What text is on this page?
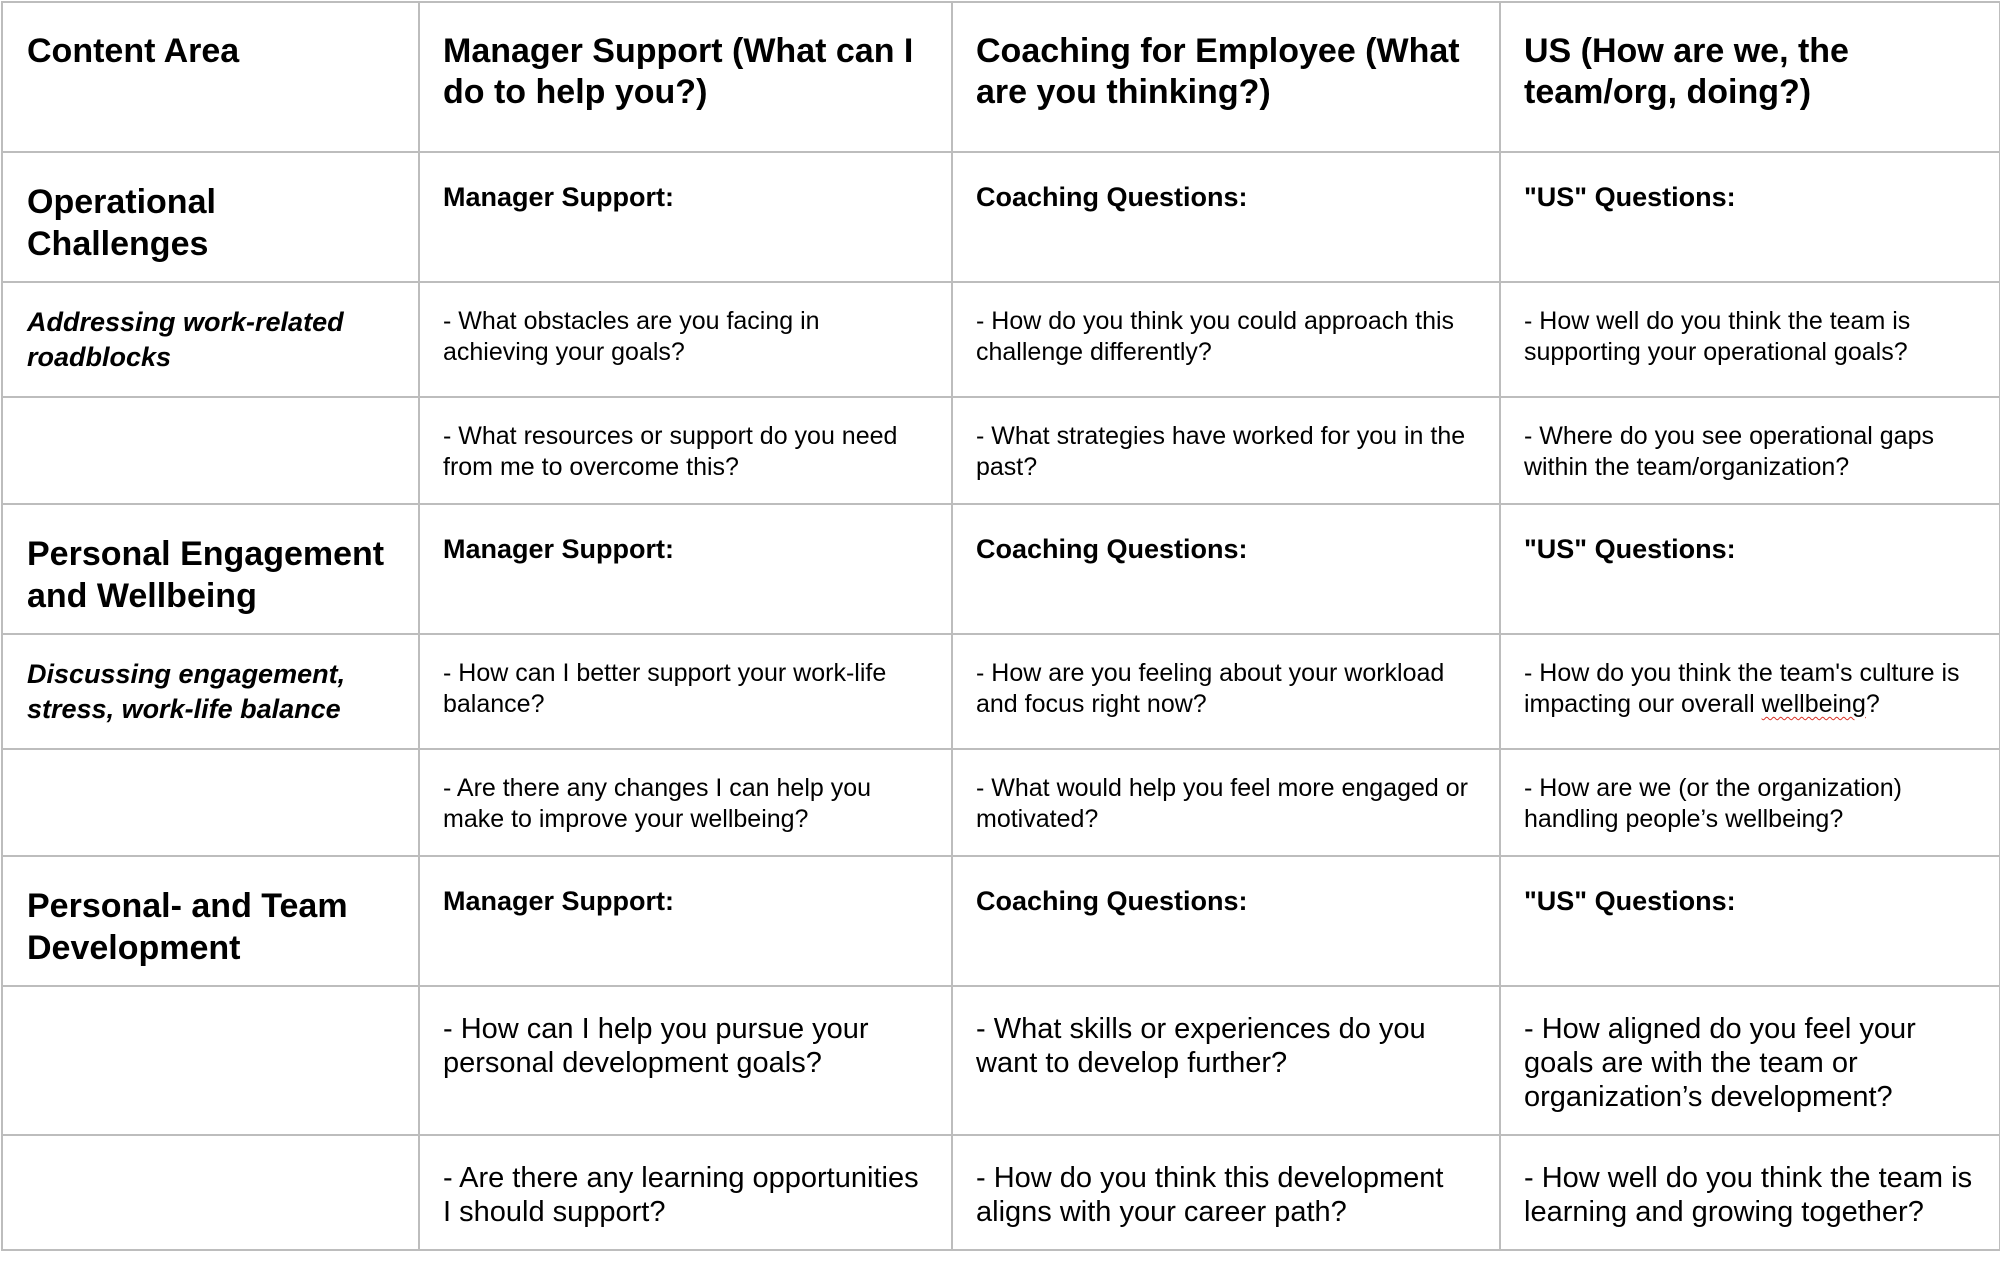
Content Area	Manager Support (What can I do to help you?)	Coaching for Employee (What are you thinking?)	US (How are we, the team/org, doing?)

Operational Challenges	Manager Support:	Coaching Questions:	"US" Questions:

Addressing work-related roadblocks	- What obstacles are you facing in achieving your goals?	- How do you think you could approach this challenge differently?	- How well do you think the team is supporting your operational goals?

	- What resources or support do you need from me to overcome this?	- What strategies have worked for you in the past?	- Where do you see operational gaps within the team/organization?

Personal Engagement and Wellbeing	Manager Support:	Coaching Questions:	"US" Questions:

Discussing engagement, stress, work-life balance	- How can I better support your work-life balance?	- How are you feeling about your workload and focus right now?	- How do you think the team's culture is impacting our overall wellbeing?

	- Are there any changes I can help you make to improve your wellbeing?	- What would help you feel more engaged or motivated?	- How are we (or the organization) handling people’s wellbeing?

Personal- and Team Development	Manager Support:	Coaching Questions:	"US" Questions:

	- How can I help you pursue your personal development goals?	- What skills or experiences do you want to develop further?	- How aligned do you feel your goals are with the team or organization’s development?

	- Are there any learning opportunities I should support?	- How do you think this development aligns with your career path?	- How well do you think the team is learning and growing together?
